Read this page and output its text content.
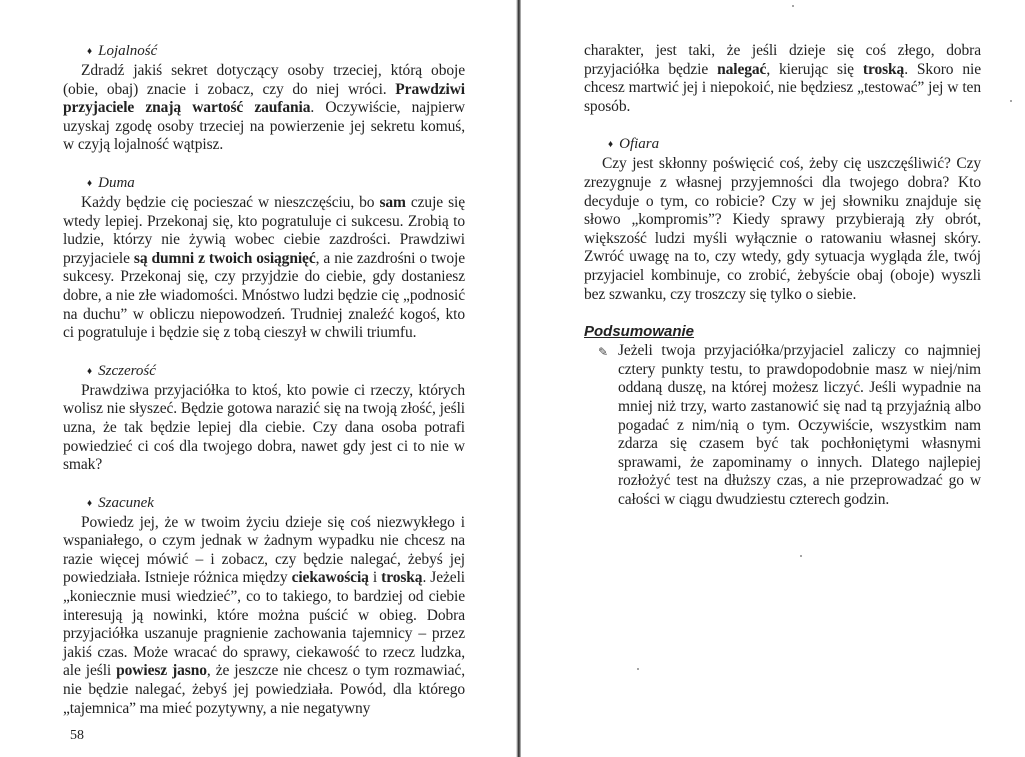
♦ Lojalność

Zdradź jakiś sekret dotyczący osoby trzeciej, którą oboje (obie, obaj) znacie i zobacz, czy do niej wróci. Prawdziwi przyjaciele znają wartość zaufania. Oczywiście, najpierw uzyskaj zgodę osoby trzeciej na powierzenie jej sekretu komuś, w czyją lojalność wątpisz.

♦ Duma

Każdy będzie cię pocieszać w nieszczęściu, bo sam czuje się wtedy lepiej. Przekonaj się, kto pogratuluje ci sukcesu. Zrobią to ludzie, którzy nie żywią wobec ciebie zazdrości. Prawdziwi przyjaciele są dumni z twoich osiągnięć, a nie zazdrośni o twoje sukcesy. Przekonaj się, czy przyjdzie do ciebie, gdy dostaniesz dobre, a nie złe wiadomości. Mnóstwo ludzi będzie cię „podnosić na duchu” w obliczu niepowodzeń. Trudniej znaleźć kogoś, kto ci pogratuluje i będzie się z tobą cieszył w chwili triumfu.

♦ Szczerość

Prawdziwa przyjaciółka to ktoś, kto powie ci rzeczy, których wolisz nie słyszeć. Będzie gotowa narazić się na twoją złość, jeśli uzna, że tak będzie lepiej dla ciebie. Czy dana osoba potrafi powiedzieć ci coś dla twojego dobra, nawet gdy jest ci to nie w smak?

♦ Szacunek

Powiedz jej, że w twoim życiu dzieje się coś niezwykłego i wspaniałego, o czym jednak w żadnym wypadku nie chcesz na razie więcej mówić – i zobacz, czy będzie nalegać, żebyś jej powiedziała. Istnieje różnica między ciekawością i troską. Jeżeli „koniecznie musi wiedzieć”, co to takiego, to bardziej od ciebie interesują ją nowinki, które można puścić w obieg. Dobra przyjaciółka uszanuje pragnienie zachowania tajemnicy – przez jakiś czas. Może wracać do sprawy, ciekawość to rzecz ludzka, ale jeśli powiesz jasno, że jeszcze nie chcesz o tym rozmawiać, nie będzie nalegać, żebyś jej powiedziała. Powód, dla którego „tajemnica” ma mieć pozytywny, a nie negatywny

58

charakter, jest taki, że jeśli dzieje się coś złego, dobra przyjaciółka będzie nalegać, kierując się troską. Skoro nie chcesz martwić jej i niepokoić, nie będziesz „testować” jej w ten sposób.

♦ Ofiara

Czy jest skłonny poświęcić coś, żeby cię uszczęśliwić? Czy zrezygnuje z własnej przyjemności dla twojego dobra? Kto decyduje o tym, co robicie? Czy w jej słowniku znajduje się słowo „kompromis”? Kiedy sprawy przybierają zły obrót, większość ludzi myśli wyłącznie o ratowaniu własnej skóry. Zwróć uwagę na to, czy wtedy, gdy sytuacja wygląda źle, twój przyjaciel kombinuje, co zrobić, żebyście obaj (oboje) wyszli bez szwanku, czy troszczy się tylko o siebie.

Podsumowanie
✎ Jeżeli twoja przyjaciółka/przyjaciel zaliczy co najmniej cztery punkty testu, to prawdopodobnie masz w niej/nim oddaną duszę, na której możesz liczyć. Jeśli wypadnie na mniej niż trzy, warto zastanowić się nad tą przyjaźnią albo pogadać z nim/nią o tym. Oczywiście, wszystkim nam zdarza się czasem być tak pochłoniętymi własnymi sprawami, że zapominamy o innych. Dlatego najlepiej rozłożyć test na dłuższy czas, a nie przeprowadzać go w całości w ciągu dwudziestu czterech godzin.
